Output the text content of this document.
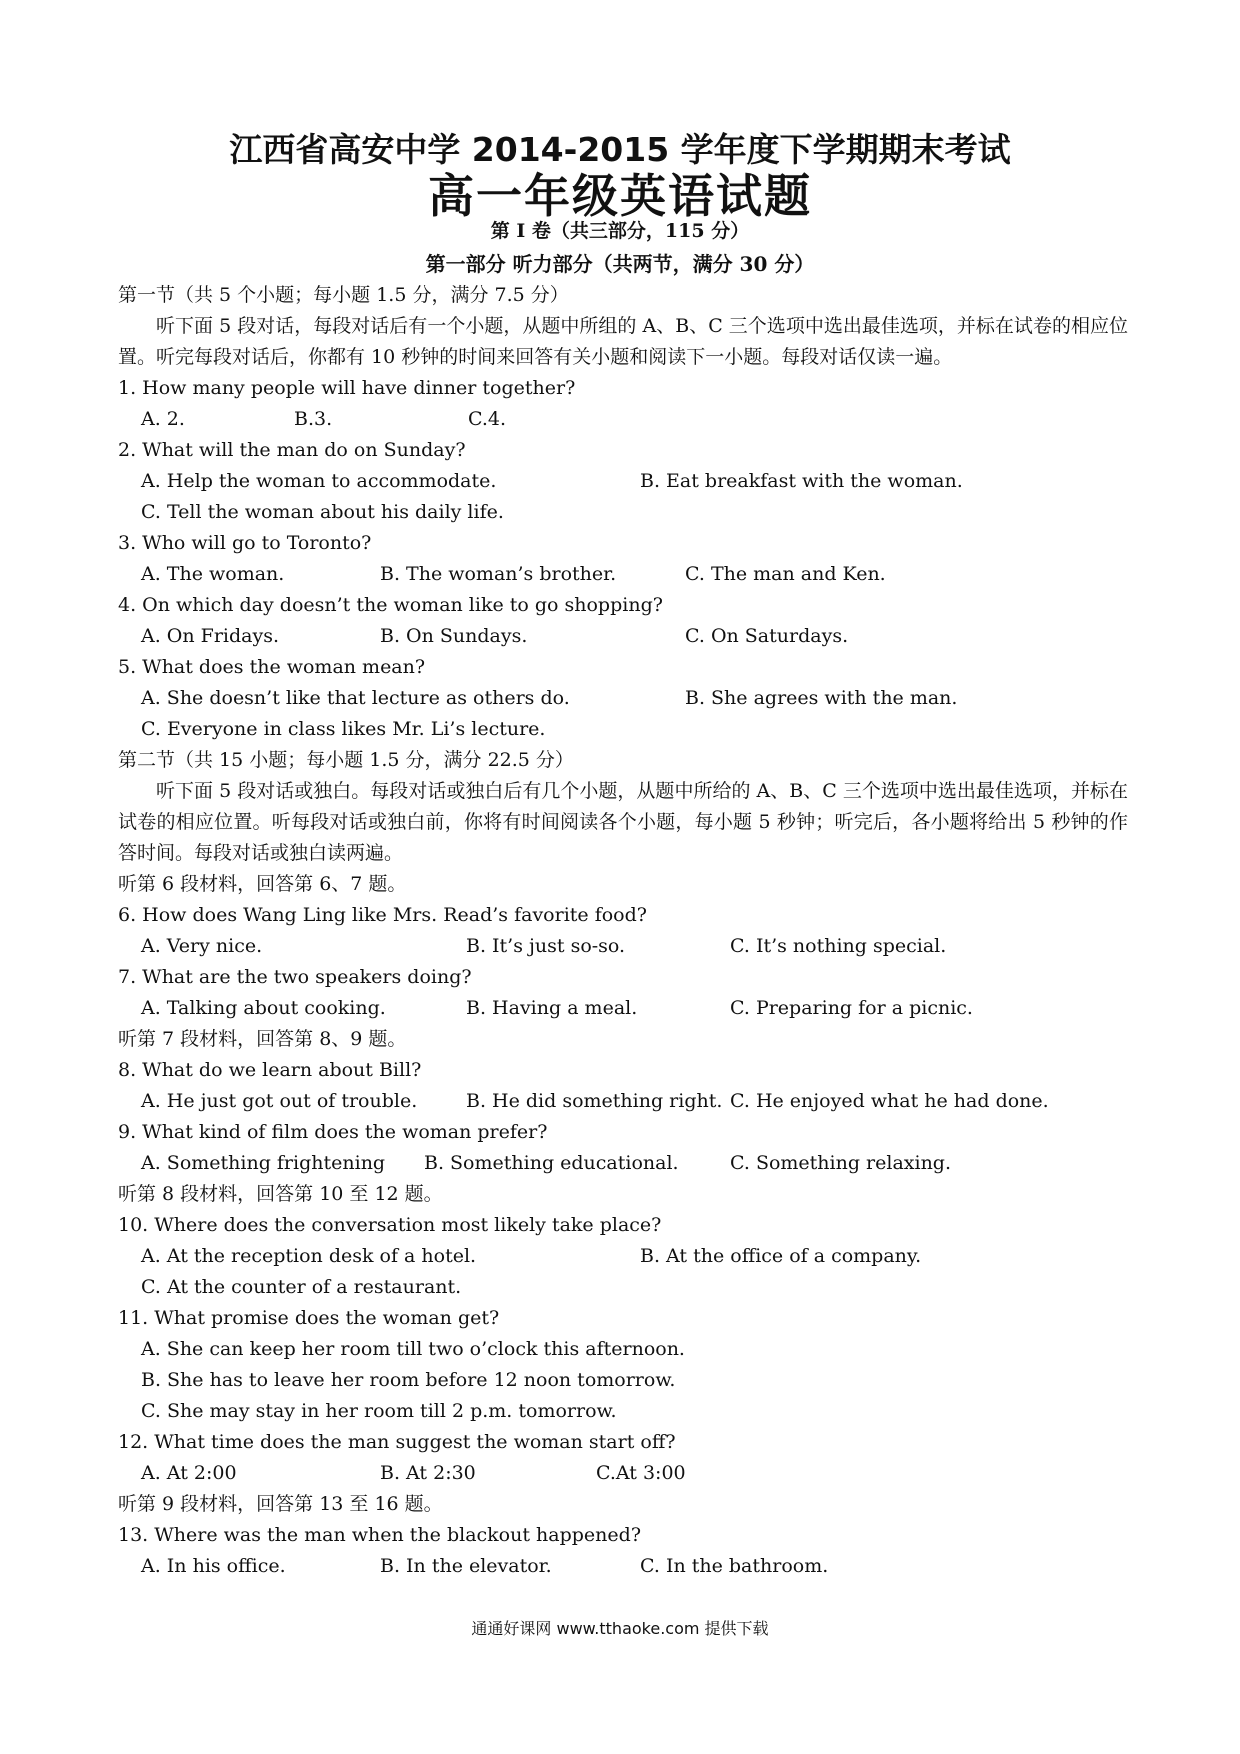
江西省高安中学 2014-2015 学年度下学期期末考试
高一年级英语试题
第 I 卷（共三部分，115 分）
第一部分 听力部分（共两节，满分 30 分）
第一节（共 5 个小题；每小题 1.5 分，满分 7.5 分）
听下面 5 段对话，每段对话后有一个小题，从题中所组的 A、B、C 三个选项中选出最佳选项，并标在试卷的相应位置。听完每段对话后，你都有 10 秒钟的时间来回答有关小题和阅读下一小题。每段对话仅读一遍。
1. How many people will have dinner together?
A. 2.	B.3.	C.4.
2. What will the man do on Sunday?
A. Help the woman to accommodate.	B. Eat breakfast with the woman.
C. Tell the woman about his daily life.
3. Who will go to Toronto?
A. The woman.	B. The woman’s brother.	C. The man and Ken.
4. On which day doesn’t the woman like to go shopping?
A. On Fridays.	B. On Sundays.	C. On Saturdays.
5. What does the woman mean?
A. She doesn’t like that lecture as others do.	B. She agrees with the man.
C. Everyone in class likes Mr. Li’s lecture.
第二节（共 15 小题；每小题 1.5 分，满分 22.5 分）
听下面 5 段对话或独白。每段对话或独白后有几个小题，从题中所给的 A、B、C 三个选项中选出最佳选项，并标在试卷的相应位置。听每段对话或独白前，你将有时间阅读各个小题，每小题 5 秒钟；听完后，各小题将给出 5 秒钟的作答时间。每段对话或独白读两遍。
听第 6 段材料，回答第 6、7 题。
6. How does Wang Ling like Mrs. Read’s favorite food?
A. Very nice.	B. It’s just so-so.	C. It’s nothing special.
7. What are the two speakers doing?
A. Talking about cooking.	B. Having a meal.	C. Preparing for a picnic.
听第 7 段材料，回答第 8、9 题。
8. What do we learn about Bill?
A. He just got out of trouble.	B. He did something right. C. He enjoyed what he had done.
9. What kind of film does the woman prefer?
A. Something frightening B. Something educational.	C. Something relaxing.
听第 8 段材料，回答第 10 至 12 题。
10. Where does the conversation most likely take place?
A. At the reception desk of a hotel.	B. At the office of a company.
C. At the counter of a restaurant.
11. What promise does the woman get?
A. She can keep her room till two o’clock this afternoon.
B. She has to leave her room before 12 noon tomorrow.
C. She may stay in her room till 2 p.m. tomorrow.
12. What time does the man suggest the woman start off?
A. At 2:00	B. At 2:30	C.At 3:00
听第 9 段材料，回答第 13 至 16 题。
13. Where was the man when the blackout happened?
A. In his office.	B. In the elevator.	C. In the bathroom.
通通好课网 www.tthaoke.com 提供下载
